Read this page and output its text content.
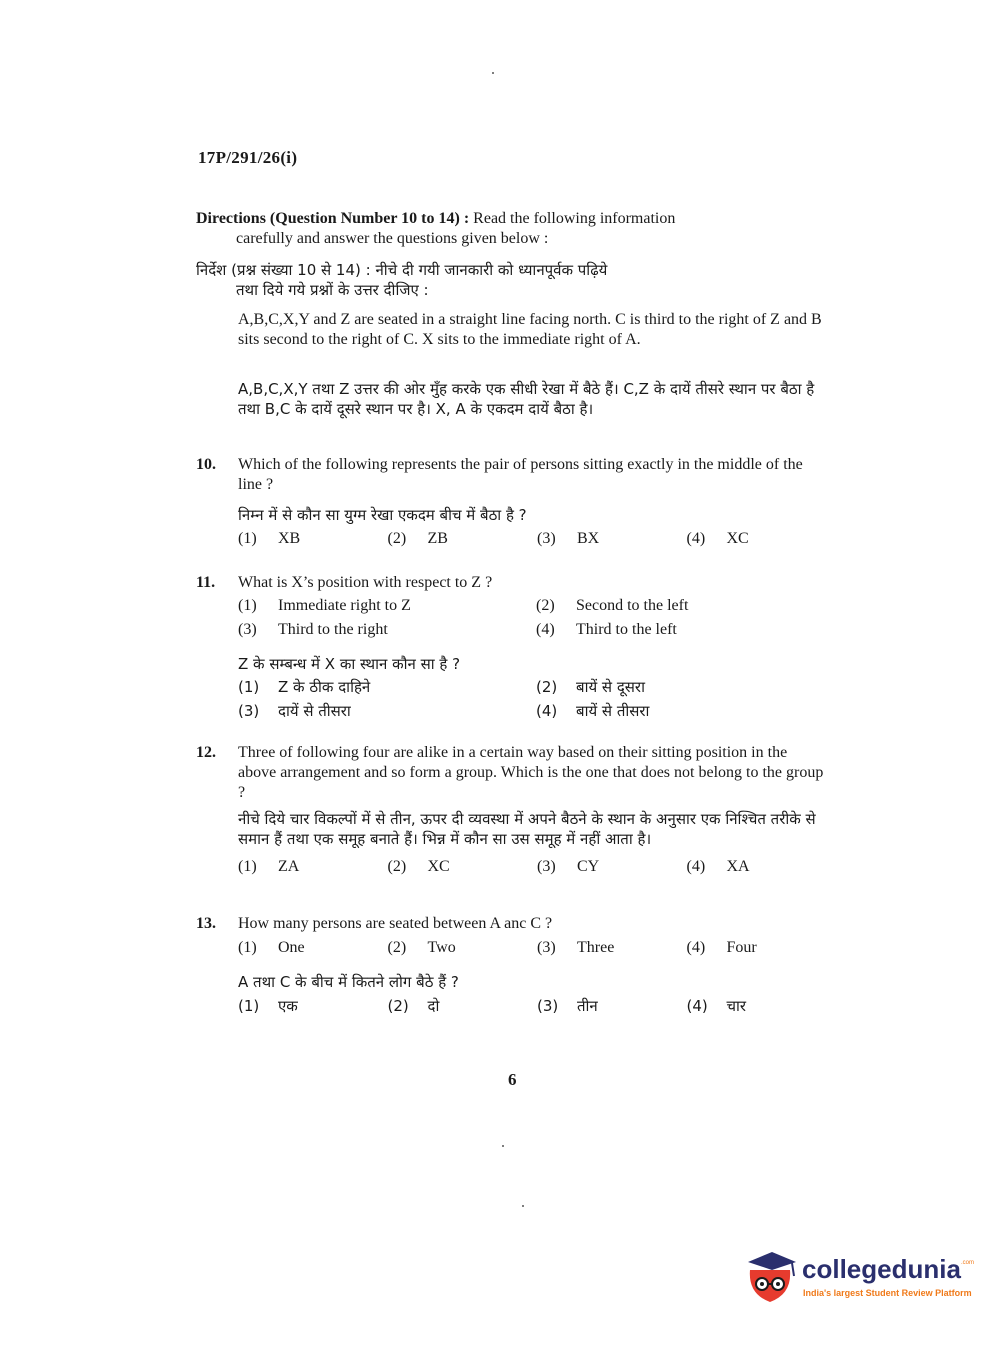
17P/291/26(i)
Directions (Question Number 10 to 14) : Read the following information
carefully and answer the questions given below :
निर्देश (प्रश्न संख्या 10 से 14) : नीचे दी गयी जानकारी को ध्यानपूर्वक पढ़िये
तथा दिये गये प्रश्नों के उत्तर दीजिए :
A,B,C,X,Y and Z are seated in a straight line facing north. C is third to the right of Z and B sits second to the right of C. X sits to the immediate right of A.
A,B,C,X,Y तथा Z उत्तर की ओर मुँह करके एक सीधी रेखा में बैठे हैं। C,Z के दायें तीसरे स्थान पर बैठा है तथा B,C के दायें दूसरे स्थान पर है। X, A के एकदम दायें बैठा है।
10. Which of the following represents the pair of persons sitting exactly in the middle of the line ?
निम्न में से कौन सा युग्म रेखा एकदम बीच में बैठा है ?
(1) XB	(2) ZB	(3) BX	(4) XC
11. What is X’s position with respect to Z ?
(1) Immediate right to Z	(2) Second to the left
(3) Third to the right	(4) Third to the left
Z के सम्बन्ध में X का स्थान कौन सा है ?
(1) Z के ठीक दाहिने	(2) बायें से दूसरा
(3) दायें से तीसरा	(4) बायें से तीसरा
12. Three of following four are alike in a certain way based on their sitting position in the above arrangement and so form a group. Which is the one that does not belong to the group ?
नीचे दिये चार विकल्पों में से तीन, ऊपर दी व्यवस्था में अपने बैठने के स्थान के अनुसार एक निश्चित तरीके से समान हैं तथा एक समूह बनाते हैं। भिन्न में कौन सा उस समूह में नहीं आता है।
(1) ZA	(2) XC	(3) CY	(4) XA
13. How many persons are seated between A anc C ?
(1) One	(2) Two	(3) Three	(4) Four
A तथा C के बीच में कितने लोग बैठे हैं ?
(1) एक	(2) दो	(3) तीन	(4) चार
6
collegedunia .com
India's largest Student Review Platform
